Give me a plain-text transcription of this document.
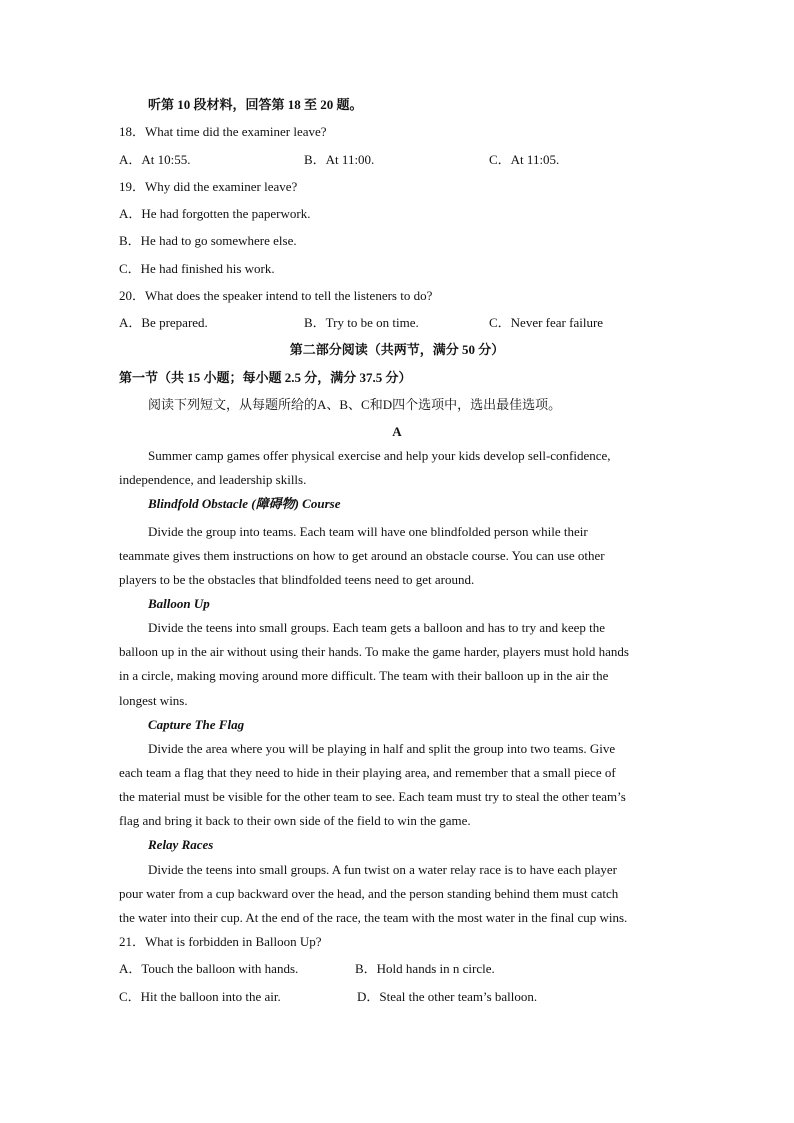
听第 10 段材料，回答第 18 至 20 题。
18．What time did the examiner leave?
A．At 10:55.	B．At 11:00.	C．At 11:05.
19．Why did the examiner leave?
A．He had forgotten the paperwork.
B．He had to go somewhere else.
C．He had finished his work.
20．What does the speaker intend to tell the listeners to do?
A．Be prepared.	B．Try to be on time.	C．Never fear failure
第二部分阅读（共两节，满分 50 分）
第一节（共 15 小题；每小题 2.5 分，满分 37.5 分）
阅读下列短文，从每题所给的A、B、C和D四个选项中，选出最佳选项。
A
Summer camp games offer physical exercise and help your kids develop sell-confidence,
independence, and leadership skills.
Blindfold Obstacle (障碍物) Course
Divide the group into teams. Each team will have one blindfolded person while their
teammate gives them instructions on how to get around an obstacle course. You can use other
players to be the obstacles that blindfolded teens need to get around.
Balloon Up
Divide the teens into small groups. Each team gets a balloon and has to try and keep the
balloon up in the air without using their hands. To make the game harder, players must hold hands
in a circle, making moving around more difficult. The team with their balloon up in the air the
longest wins.
Capture The Flag
Divide the area where you will be playing in half and split the group into two teams. Give
each team a flag that they need to hide in their playing area, and remember that a small piece of
the material must be visible for the other team to see. Each team must try to steal the other team’s
flag and bring it back to their own side of the field to win the game.
Relay Races
Divide the teens into small groups. A fun twist on a water relay race is to have each player
pour water from a cup backward over the head, and the person standing behind them must catch
the water into their cup. At the end of the race, the team with the most water in the final cup wins.
21．What is forbidden in Balloon Up?
A．Touch the balloon with hands.	B．Hold hands in n circle.
C．Hit the balloon into the air.	D．Steal the other team’s balloon.
